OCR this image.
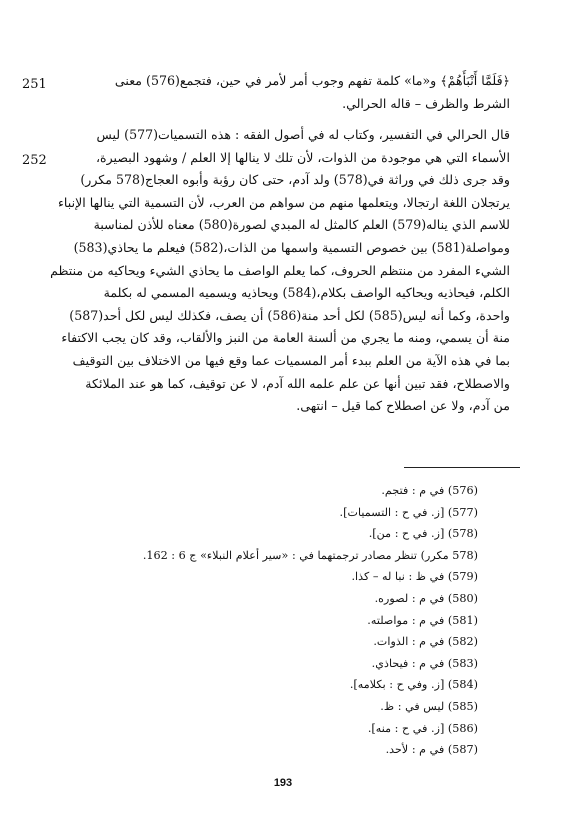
251	﴿فَلَمَّا أَنْبَأَهُمْ﴾ و«ما» كلمة تفهم وجوب أمر لأمر في حين، فتجمع(576) معنى
الشرط والظرف – قاله الحرالي.
252
قال الحرالي في التفسير، وكتاب له في أصول الفقه : هذه التسميات(577) ليس
الأسماء التي هي موجودة من الذوات، لأن تلك لا ينالها إلا العلم / وشهود البصيرة،
وقد جرى ذلك في وراثة في(578) ولد آدم، حتى كان رؤبة وأبوه العجاج(578 مكرر)
يرتجلان اللغة ارتجالا، ويتعلمها منهم من سواهم من العرب، لأن التسمية التي ينالها الإنباء
للاسم الذي يناله(579) العلم كالمثل له المبدي لصورة(580) معناه للأذن لمناسبة
ومواصلة(581) بين خصوص التسمية واسمها من الذات،(582) فيعلم ما يحاذي(583)
الشيء المفرد من منتظم الحروف، كما يعلم الواصف ما يحاذي الشيء ويحاكيه من منتظم
الكلم، فيحاذيه ويحاكيه الواصف بكلام،(584) ويحاذيه ويسميه المسمي له بكلمة
واحدة، وكما أنه ليس(585) لكل أحد منة(586) أن يصف، فكذلك ليس لكل أحد(587)
منة أن يسمي، ومنه ما يجري من ألسنة العامة من النبز والألقاب، وقد كان يجب الاكتفاء
بما في هذه الآية من العلم ببدء أمر المسميات عما وقع فيها من الاختلاف بين التوقيف
والاصطلاح، فقد تبين أنها عن علم علمه الله آدم، لا عن توقيف، كما هو عند الملائكة
من آدم، ولا عن اصطلاح كما قيل – انتهى.
(576) في م : فتجم.
(577) [ز. في ح : التسميات].
(578) [ز. في ح : من].
(578 مكرر) تنظر مصادر ترجمتهما في : «سير أعلام النبلاء» ج 6 : 162.
(579) في ظ : نبا له – كذا.
(580) في م : لصوره.
(581) في م : مواصلته.
(582) في م : الذوات.
(583) في م : فيحاذي.
(584) [ز. وفي ح : بكلامه].
(585) ليس في : ظ.
(586) [ز. في ح : منه].
(587) في م : لأحد.
193
